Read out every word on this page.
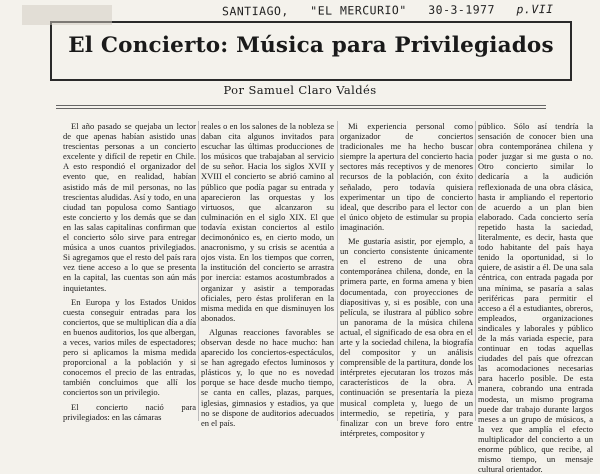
SANTIAGO, "EL MERCURIO" 30-3-1977 p.VII
El Concierto: Música para Privilegiados
Por Samuel Claro Valdés

El año pasado se quejaba un lector de que apenas habían asistido unas trescientas personas a un concierto excelente y difícil de repetir en Chile. A esto respondió el organizador del evento que, en realidad, habían asistido más de mil personas, no las trescientas aludidas. Así y todo, en una ciudad tan populosa como Santiago este concierto y los demás que se dan en las salas capitalinas confirman que el concierto sólo sirve para entregar música a unos cuantos privilegiados. Si agregamos que el resto del país rara vez tiene acceso a lo que se presenta en la capital, las cuentas son aún más inquietantes.

En Europa y los Estados Unidos cuesta conseguir entradas para los conciertos, que se multiplican día a día en buenos auditorios, los que albergan, a veces, varios miles de espectadores; pero si aplicamos la misma medida proporcional a la población y si conocemos el precio de las entradas, también concluimos que allí los conciertos son un privilegio.

El concierto nació para privilegiados: en las cámaras

reales o en los salones de la nobleza se daban cita algunos invitados para escuchar las últimas producciones de los músicos que trabajaban al servicio de su señor. Hacia los siglos XVII y XVIII el concierto se abrió camino al público que podía pagar su entrada y aparecieron las orquestas y los virtuosos, que alcanzaron su culminación en el siglo XIX. El que todavía existan conciertos al estilo decimonónico es, en cierto modo, un anacronismo, y su crisis se acentúa a ojos vista. En los tiempos que corren, la institución del concierto se arrastra por inercia: estamos acostumbrados a organizar y asistir a temporadas oficiales, pero éstas proliferan en la misma medida en que disminuyen los abonados.

Algunas reacciones favorables se observan desde no hace mucho: han aparecido los conciertos-espectáculos, se han agregado efectos luminosos y plásticos y, lo que no es novedad porque se hace desde mucho tiempo, se canta en calles, plazas, parques, iglesias, gimnasios y estadios, ya que no se dispone de auditorios adecuados en el país.

Mi experiencia personal como organizador de conciertos tradicionales me ha hecho buscar siempre la apertura del concierto hacia sectores más receptivos y de menores recursos de la población, con éxito señalado, pero todavía quisiera experimentar un tipo de concierto ideal, que describo para el lector con el único objeto de estimular su propia imaginación.

Me gustaría asistir, por ejemplo, a un concierto consistente únicamente en el estreno de una obra contemporánea chilena, donde, en la primera parte, en forma amena y bien documentada, con proyecciones de diapositivas y, si es posible, con una película, se ilustrara al público sobre un panorama de la música chilena actual, el significado de esa obra en el arte y la sociedad chilena, la biografía del compositor y un análisis comprensible de la partitura, donde los intérpretes ejecutaran los trozos más característicos de la obra. A continuación se presentaría la pieza musical completa y, luego de un intermedio, se repetiría, y para finalizar con un breve foro entre intérpretes, compositor y

público. Sólo así tendría la sensación de conocer bien una obra contemporánea chilena y poder juzgar si me gusta o no. Otro concierto similar lo dedicaría a la audición reflexionada de una obra clásica, hasta ir ampliando el repertorio de acuerdo a un plan bien elaborado. Cada concierto sería repetido hasta la saciedad, literalmente, es decir, hasta que todo habitante del país haya tenido la oportunidad, si lo quiere, de asistir a él. De una sala céntrica, con entrada pagada por una mínima, se pasaría a salas periféricas para permitir el acceso a él a estudiantes, obreros, empleados, organizaciones sindicales y laborales y público de la más variada especie, para continuar en todas aquellas ciudades del país que ofrezcan las acomodaciones necesarias para hacerlo posible. De esta manera, cobrando una entrada modesta, un mismo programa puede dar trabajo durante largos meses a un grupo de músicos, a la vez que amplía el efecto multiplicador del concierto a un enorme público, que recibe, al mismo tiempo, un mensaje cultural orientador.
